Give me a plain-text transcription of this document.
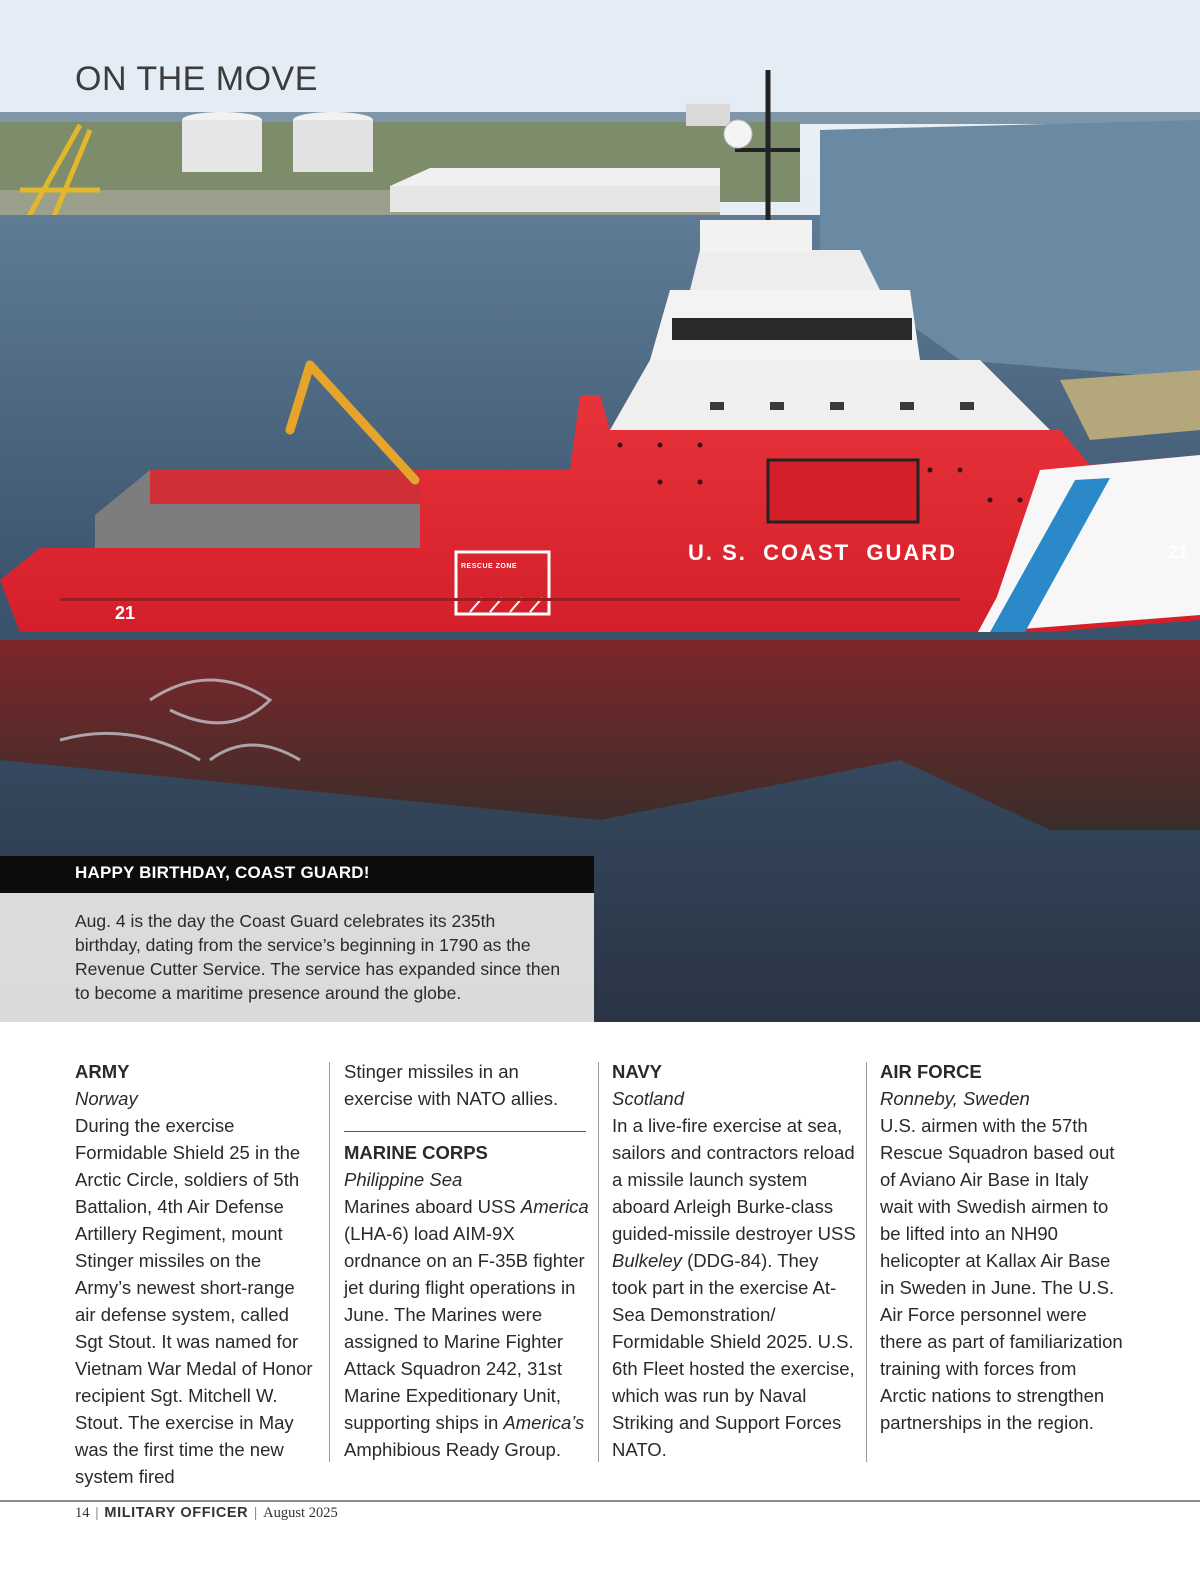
ON THE MOVE
U. S.  COAST  GUARD
21
21
RESCUE ZONE
HAPPY BIRTHDAY, COAST GUARD!
Aug. 4 is the day the Coast Guard celebrates its 235th birthday, dating from the service’s beginning in 1790 as the Revenue Cutter Service. The service has expanded since then to become a maritime presence around the globe.
ARMY
Norway

During the exercise Formidable Shield 25 in the Arctic Circle, soldiers of 5th Battalion, 4th Air Defense Artillery Regiment, mount Stinger missiles on the Army’s newest short-range air defense system, called Sgt Stout. It was named for Vietnam War Medal of Honor recipient Sgt. Mitchell W. Stout. The exercise in May was the first time the new system fired

Stinger missiles in an exercise with NATO allies.

MARINE CORPS
Philippine Sea

Marines aboard USS America (LHA-6) load AIM-9X ordnance on an F-35B fighter jet during flight operations in June. The Marines were assigned to Marine Fighter Attack Squadron 242, 31st Marine Expeditionary Unit, supporting ships in America’s Amphibious Ready Group.

NAVY
Scotland

In a live-fire exercise at sea, sailors and contractors reload a missile launch system aboard Arleigh Burke-class guided-missile destroyer USS Bulkeley (DDG-84). They took part in the exercise At-Sea Demonstration/ Formidable Shield 2025. U.S. 6th Fleet hosted the exercise, which was run by Naval Striking and Support Forces NATO.

AIR FORCE
Ronneby, Sweden

U.S. airmen with the 57th Rescue Squadron based out of Aviano Air Base in Italy wait with Swedish airmen to be lifted into an NH90 helicopter at Kallax Air Base in Sweden in June. The U.S. Air Force personnel were there as part of familiarization training with forces from Arctic nations to strengthen partnerships in the region.

14 | MILITARY OFFICER | August 2025
